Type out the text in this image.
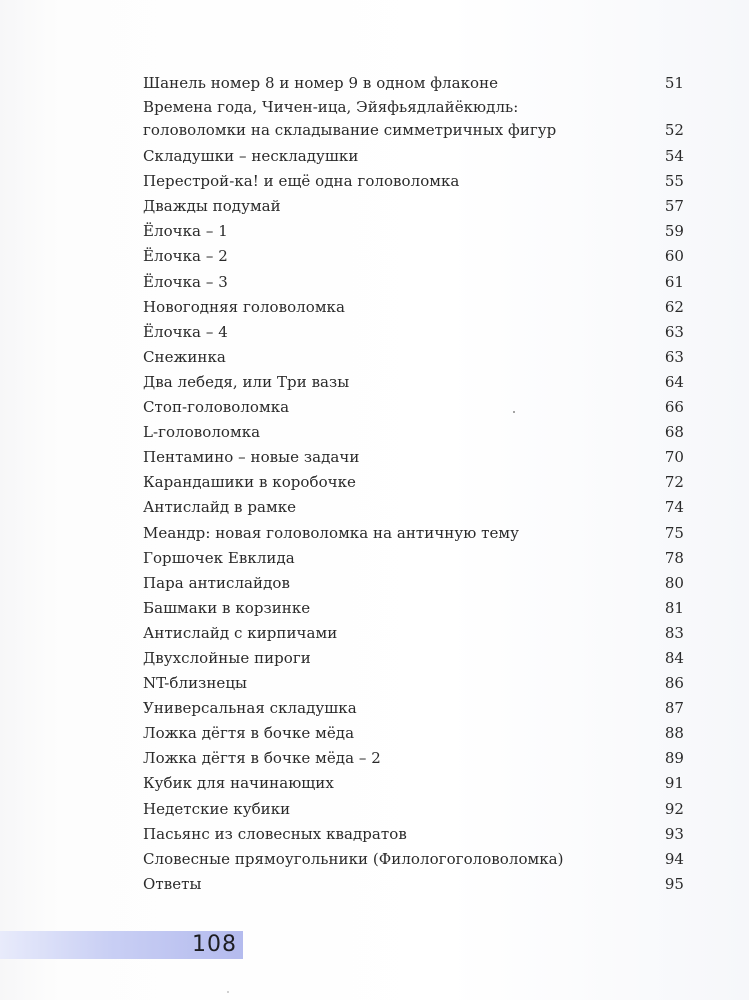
Шанель номер 8 и номер 9 в одном флаконе	51
Времена года, Чичен-ица, Эйяфьядлайёкюдль:
головоломки на складывание симметричных фигур	52
Складушки – нескладушки	54
Перестрой-ка! и ещё одна головоломка	55
Дважды подумай	57
Ёлочка – 1	59
Ёлочка – 2	60
Ёлочка – 3	61
Новогодняя головоломка	62
Ёлочка – 4	63
Снежинка	63
Два лебедя, или Три вазы	64
Стоп-головоломка	66
L-головоломка	68
Пентамино – новые задачи	70
Карандашики в коробочке	72
Антислайд в рамке	74
Меандр: новая головоломка на античную тему	75
Горшочек Евклида	78
Пара антислайдов	80
Башмаки в корзинке	81
Антислайд с кирпичами	83
Двухслойные пироги	84
NT-близнецы	86
Универсальная складушка	87
Ложка дёгтя в бочке мёда	88
Ложка дёгтя в бочке мёда – 2	89
Кубик для начинающих	91
Недетские кубики	92
Пасьянс из словесных квадратов	93
Словесные прямоугольники (Филологоголоволомка)	94
Ответы	95
108
